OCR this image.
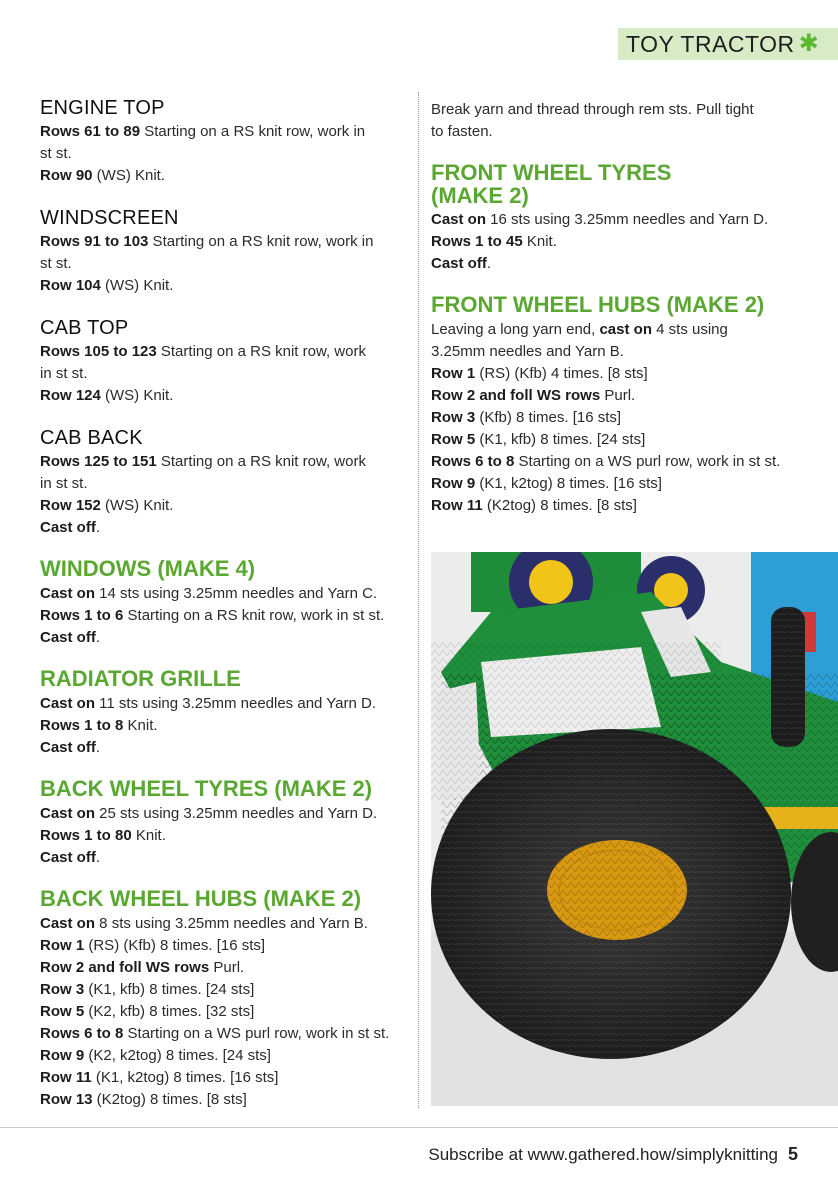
TOY TRACTOR ✱
ENGINE TOP
Rows 61 to 89 Starting on a RS knit row, work in
st st.
Row 90 (WS) Knit.
WINDSCREEN
Rows 91 to 103 Starting on a RS knit row, work in
st st.
Row 104 (WS) Knit.
CAB TOP
Rows 105 to 123 Starting on a RS knit row, work
in st st.
Row 124 (WS) Knit.
CAB BACK
Rows 125 to 151 Starting on a RS knit row, work
in st st.
Row 152 (WS) Knit.
Cast off.
WINDOWS (MAKE 4)
Cast on 14 sts using 3.25mm needles and Yarn C.
Rows 1 to 6 Starting on a RS knit row, work in st st.
Cast off.
RADIATOR GRILLE
Cast on 11 sts using 3.25mm needles and Yarn D.
Rows 1 to 8 Knit.
Cast off.
BACK WHEEL TYRES (MAKE 2)
Cast on 25 sts using 3.25mm needles and Yarn D.
Rows 1 to 80 Knit.
Cast off.
BACK WHEEL HUBS (MAKE 2)
Cast on 8 sts using 3.25mm needles and Yarn B.
Row 1 (RS) (Kfb) 8 times. [16 sts]
Row 2 and foll WS rows Purl.
Row 3 (K1, kfb) 8 times. [24 sts]
Row 5 (K2, kfb) 8 times. [32 sts]
Rows 6 to 8 Starting on a WS purl row, work in st st.
Row 9 (K2, k2tog) 8 times. [24 sts]
Row 11 (K1, k2tog) 8 times. [16 sts]
Row 13 (K2tog) 8 times. [8 sts]
Break yarn and thread through rem sts. Pull tight
to fasten.
FRONT WHEEL TYRES
(MAKE 2)
Cast on 16 sts using 3.25mm needles and Yarn D.
Rows 1 to 45 Knit.
Cast off.
FRONT WHEEL HUBS (MAKE 2)
Leaving a long yarn end, cast on 4 sts using
3.25mm needles and Yarn B.
Row 1 (RS) (Kfb) 4 times. [8 sts]
Row 2 and foll WS rows Purl.
Row 3 (Kfb) 8 times. [16 sts]
Row 5 (K1, kfb) 8 times. [24 sts]
Rows 6 to 8 Starting on a WS purl row, work in st st.
Row 9 (K1, k2tog) 8 times. [16 sts]
Row 11 (K2tog) 8 times. [8 sts]
Subscribe at www.gathered.how/simplyknitting 5
